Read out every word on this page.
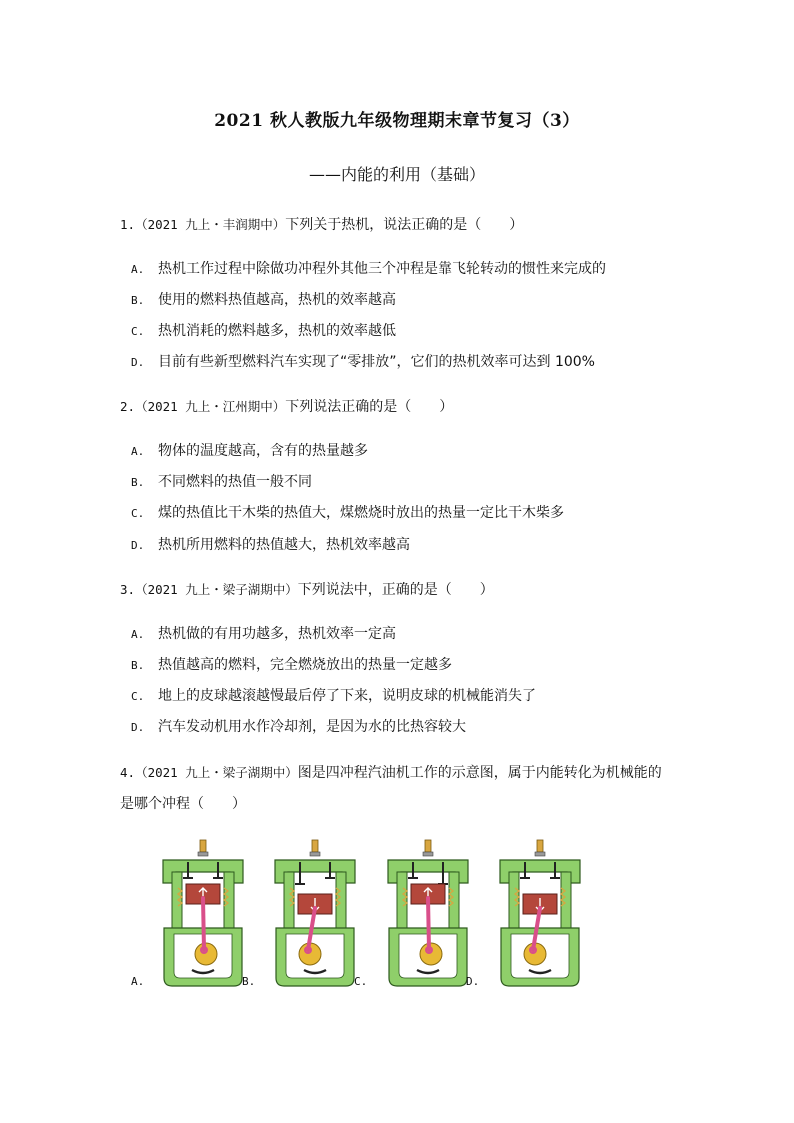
2021 秋人教版九年级物理期末章节复习（3）
——内能的利用（基础）
1.（2021 九上・丰润期中）下列关于热机，说法正确的是（　　）
A. 热机工作过程中除做功冲程外其他三个冲程是靠飞轮转动的惯性来完成的
B. 使用的燃料热值越高，热机的效率越高
C. 热机消耗的燃料越多，热机的效率越低
D. 目前有些新型燃料汽车实现了“零排放”，它们的热机效率可达到 100%
2.（2021 九上・江州期中）下列说法正确的是（　　）
A. 物体的温度越高，含有的热量越多
B. 不同燃料的热值一般不同
C. 煤的热值比干木柴的热值大，煤燃烧时放出的热量一定比干木柴多
D. 热机所用燃料的热值越大，热机效率越高
3.（2021 九上・梁子湖期中）下列说法中，正确的是（　　）
A. 热机做的有用功越多，热机效率一定高
B. 热值越高的燃料，完全燃烧放出的热量一定越多
C. 地上的皮球越滚越慢最后停了下来，说明皮球的机械能消失了
D. 汽车发动机用水作冷却剂，是因为水的比热容较大
4.（2021 九上・梁子湖期中）图是四冲程汽油机工作的示意图，属于内能转化为机械能的
是哪个冲程（　　）
A.	B.	C.	D.
